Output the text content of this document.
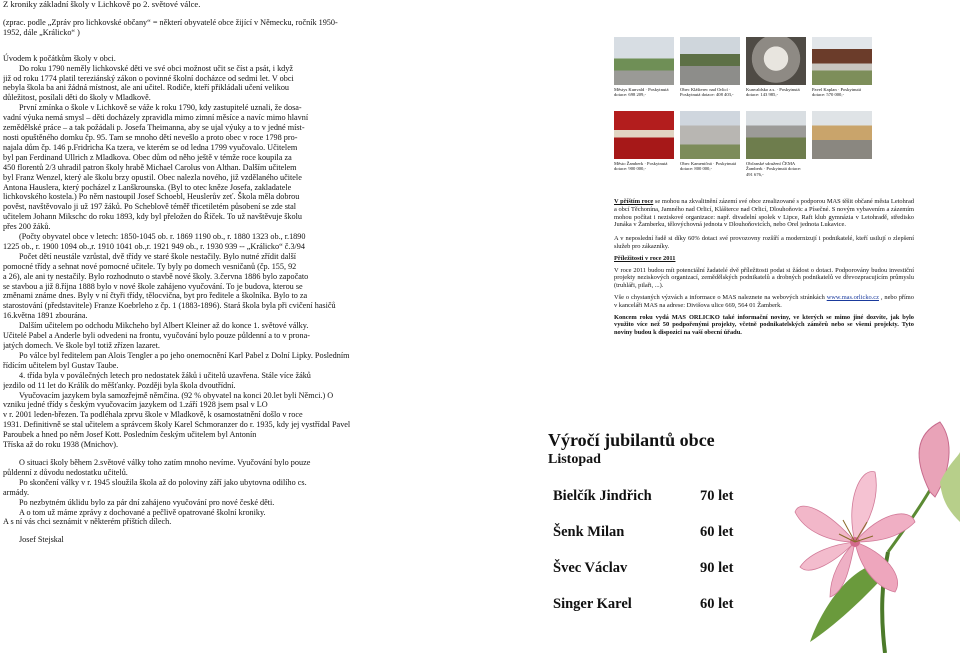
Z kroniky základní školy v Lichkově po 2. světové válce.

(zprac. podle „Zpráv pro lichkovské občany“ = některí obyvatelé obce žijící v Německu, ročník 1950-

1952, dále „Králicko“ )

Úvodem k počátkům školy v obci.

Do roku 1790 neměly lichkovské děti ve své obci možnost učit se číst a psát, i když

již od roku 1774 platil tereziánský zákon o povinné školní docházce od sedmi let. V obci

nebyla škola ba ani žádná místnost, ale ani učitel. Rodiče, kteří přikládali učení velikou

důležitost, posílali děti do školy v Mladkově.

První zmínka o škole v Lichkově se váže k roku 1790, kdy zastupitelé uznali, že dosa-

vadní výuka nemá smysl – děti docházely zpravidla mimo zimní měsíce a navíc mimo hlavní

zemědělské práce – a tak požádali p. Josefa Theimanna, aby se ujal výuky a to v jedné míst-

nosti opuštěného domku čp. 95. Tam se mnoho dětí nevešlo a proto obec v roce 1798 pro-

najala dům čp. 146 p.Fridricha Ka tzera, ve kterém se od ledna 1799 vyučovalo. Učitelem

byl pan Ferdinand Ullrich z Mladkova. Obec dům od něho ještě v témže roce koupila za

450 florentů 2/3 uhradil patron školy hrabě Michael Carolus von Althan. Dalším učitelem

byl Franz Wenzel, který ale školu brzy opustil. Obec nalezla nového, již vzdělaného učitele

Antona Hauslera, který pocházel z Lanškrounska. (Byl to otec kněze Josefa, zakladatele

lichkovského kostela.) Po něm nastoupil Josef Schoebl, Heuslerův zeť. Škola měla dobrou

pověst, navštěvovalo ji už 197 žáků. Po Scheblově téměř třicetiletém působení se zde stal

učitelem Johann Mikschc do roku 1893, kdy byl přeložen do Říček. To už navštěvuje školu

přes 200 žáků.

(Počty obyvatel obce v letech: 1850-1045 ob. r. 1869 1190 ob., r. 1880 1323 ob., r.1890

1225 ob., r. 1900 1094 ob.,r. 1910 1041 ob.,r. 1921 949 ob., r. 1930 939 -- „Králicko“ č.3/94

Počet dětí neustále vzrůstal, dvě třídy ve staré škole nestačily. Bylo nutné zřídit další

pomocné třídy a sehnat nové pomocné učitele. Ty byly po domech vesničanů (čp. 155, 92

a 26), ale ani ty nestačily. Bylo rozhodnuto o stavbě nové školy. 3.června 1886 bylo započato

se stavbou a již 8.října 1888 bylo v nové škole zahájeno vyučování. To je budova, kterou se

změnami známe dnes. Byly v ní čtyři třídy, tělocvična, byt pro ředitele a školníka. Bylo to za

starostování (představitele) Franze Koebrleho z čp. 1 (1883-1896). Stará škola byla při cvičení hasičů

16.května 1891 zbourána.

Dalším učitelem po odchodu Mikcheho byl Albert Kleiner až do konce 1. světové války.

Učitelé Pabel a Anderle byli odvedeni na frontu, vyučování bylo pouze půldenní a to v prona-

jatých domech. Ve škole byl totiž zřízen lazaret.

Po válce byl ředitelem pan Alois Tengler a po jeho onemocnění Karl Pabel z Dolní Lipky. Posledním

řídícím učitelem byl Gustav Taube.

4. třída byla v poválečných letech pro nedostatek žáků i učitelů uzavřena. Stále více žáků

jezdilo od 11 let do Králík do měšťanky. Později byla škola dvoutřídní.

Vyučovacím jazykem byla samozřejmě němčina. (92 % obyvatel na konci 20.let byli Němci.) O

vzniku jedné třídy s českým vyučovacím jazykem od 1.září 1928 jsem psal v LO

v r. 2001 leden-březen. Ta podléhala zprvu škole v Mladkově, k osamostatnění došlo v roce

1931. Definitivně se stal učitelem a správcem školy Karel Schmoranzer do r. 1935, kdy jej vystřídal Pavel

Paroubek a hned po něm Josef Kott. Posledním českým učitelem byl Antonín

Tříska až do roku 1938 (Mnichov).

O situaci školy během 2.světové války toho zatím mnoho nevíme. Vyučování bylo pouze

půldenní z důvodu nedostatku učitelů.

Po skončení války v r. 1945 sloužila škola až do poloviny září jako ubytovna odilího cs.

armády.

Po nezbytném úklidu bylo za pár dní zahájeno vyučování pro nové české děti.

A o tom už máme zprávy z dochované a pečlivě opatrované školní kroniky.

A s ní vás chci seznámit v některém příštích dílech.

Josef Stejskal

Městys Kunvald · Poskytnutá dotace: 698 209,-
Obec Klášterec nad Orlicí · Poskytnutá dotace: 408 403,-
Kunvaldsko a.s. · Poskytnutá dotace: 143 985,-
Pavel Kaplan · Poskytnutá dotace: 570 000,-
Město Žamberk · Poskytnutá dotace: 900 000,-
Obec Kameničná · Poskytnutá dotace: 800 000,-
Občanské sdružení ČEMA Žamberk · Poskytnutá dotace: 491 676,-

V příštím roce se mohou na zkvalitnění zázemí své obce zrealizované s podporou MAS těšit občané města Letohrad a obcí Těchonína, Jamného nad Orlicí, Klášterce nad Orlicí, Dlouhoňovic a Písečné. S novým vybavením a zázemím mohou počítat i neziskové organizace: např. divadelní spolek v Lipce, Raft klub gymnázia v Letohradě, středisko Junáka v Žamberku, tělovýchovná jednota v Dlouhoňovicích, nebo Orel jednota Lukavice.

A v neposlední řadě si díky 60% dotaci své provozovny rozšíří a modernizují i podnikatelé, kteří usilují o zlepšení služeb pro zákazníky.

Příležitosti v roce 2011

V roce 2011 budou mít potenciální žadatelé dvě příležitosti podat si žádost o dotaci. Podporovány budou investiční projekty neziskových organizací, zemědělských podnikatelů a drobných podnikatelů ve dřevozpracujícím průmyslu (truhláři, pilaři, ...).

Vše o chystaných výzvách a informace o MAS naleznete na webových stránkách www.mas.orlicko.cz , nebo přímo v kanceláři MAS na adrese: Divišova ulice 669, 564 01 Žamberk.

Koncem roku vydá MAS ORLICKO také informační noviny, ve kterých se mimo jiné dozvíte, jak bylo využito více než 50 podpořenými projekty, včetně podnikatelských záměrů nebo se všemi projekty. Tyto noviny budou k dispozici na vaší obecní úřadu.

Výročí jubilantů obce

Listopad

Bielčík Jindřich	70 let
Šenk Milan	60 let
Švec Václav	90 let
Singer Karel	60 let
